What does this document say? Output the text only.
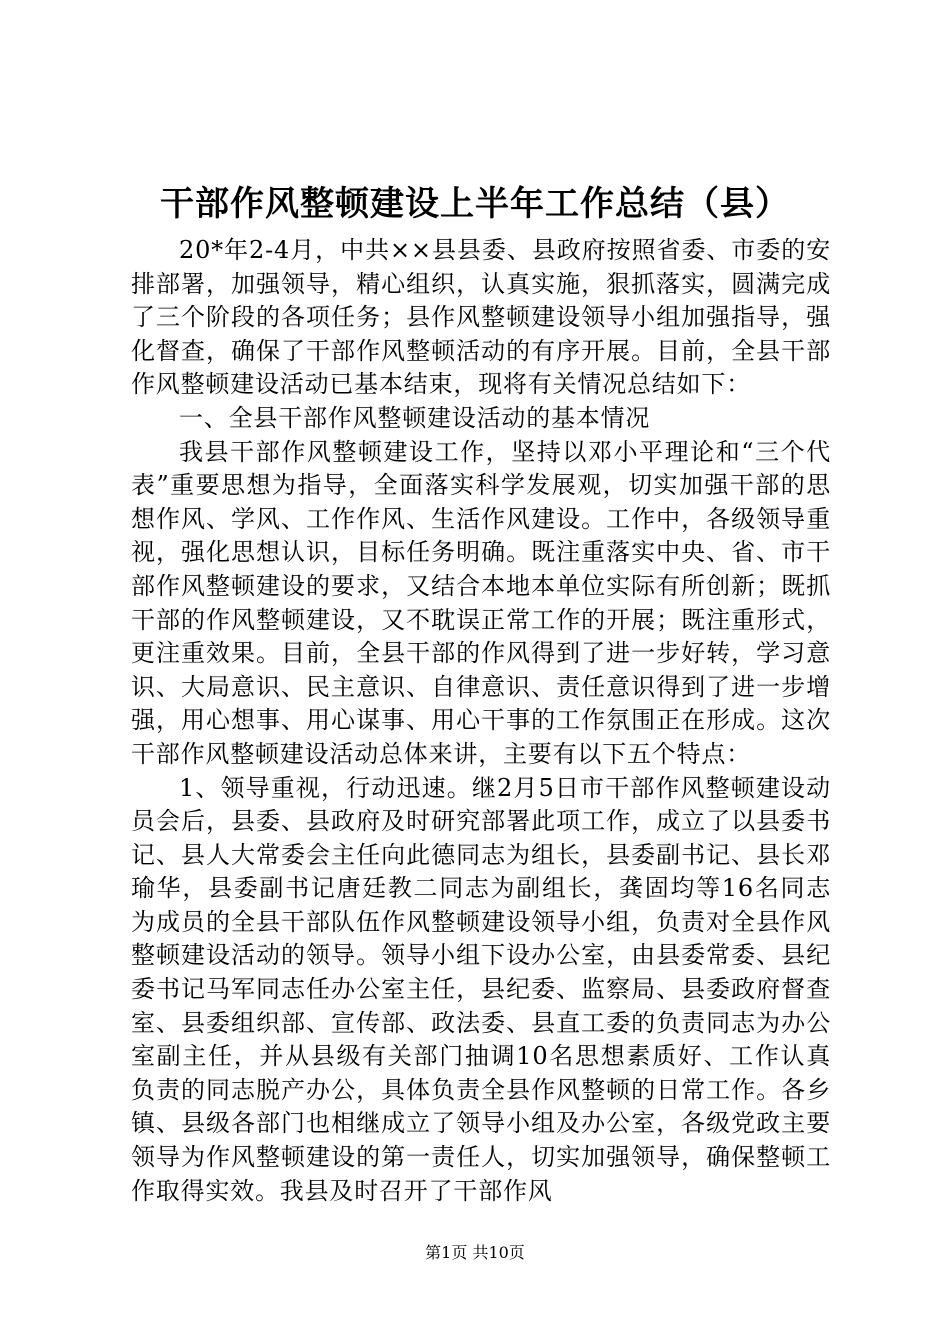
干部作风整顿建设上半年工作总结（县）

20*年2-4月，中共××县县委、县政府按照省委、市委的安排部署，加强领导，精心组织，认真实施，狠抓落实，圆满完成了三个阶段的各项任务；县作风整顿建设领导小组加强指导，强化督查，确保了干部作风整顿活动的有序开展。目前，全县干部作风整顿建设活动已基本结束，现将有关情况总结如下：

一、全县干部作风整顿建设活动的基本情况

我县干部作风整顿建设工作，坚持以邓小平理论和“三个代表”重要思想为指导，全面落实科学发展观，切实加强干部的思想作风、学风、工作作风、生活作风建设。工作中，各级领导重视，强化思想认识，目标任务明确。既注重落实中央、省、市干部作风整顿建设的要求，又结合本地本单位实际有所创新；既抓干部的作风整顿建设，又不耽误正常工作的开展；既注重形式，更注重效果。目前，全县干部的作风得到了进一步好转，学习意识、大局意识、民主意识、自律意识、责任意识得到了进一步增强，用心想事、用心谋事、用心干事的工作氛围正在形成。这次干部作风整顿建设活动总体来讲，主要有以下五个特点：

1、领导重视，行动迅速。继2月5日市干部作风整顿建设动员会后，县委、县政府及时研究部署此项工作，成立了以县委书记、县人大常委会主任向此德同志为组长，县委副书记、县长邓瑜华，县委副书记唐廷教二同志为副组长，龚固均等16名同志为成员的全县干部队伍作风整顿建设领导小组，负责对全县作风整顿建设活动的领导。领导小组下设办公室，由县委常委、县纪委书记马军同志任办公室主任，县纪委、监察局、县委政府督查室、县委组织部、宣传部、政法委、县直工委的负责同志为办公室副主任，并从县级有关部门抽调10名思想素质好、工作认真负责的同志脱产办公，具体负责全县作风整顿的日常工作。各乡镇、县级各部门也相继成立了领导小组及办公室，各级党政主要领导为作风整顿建设的第一责任人，切实加强领导，确保整顿工作取得实效。我县及时召开了干部作风

第1页 共10页
